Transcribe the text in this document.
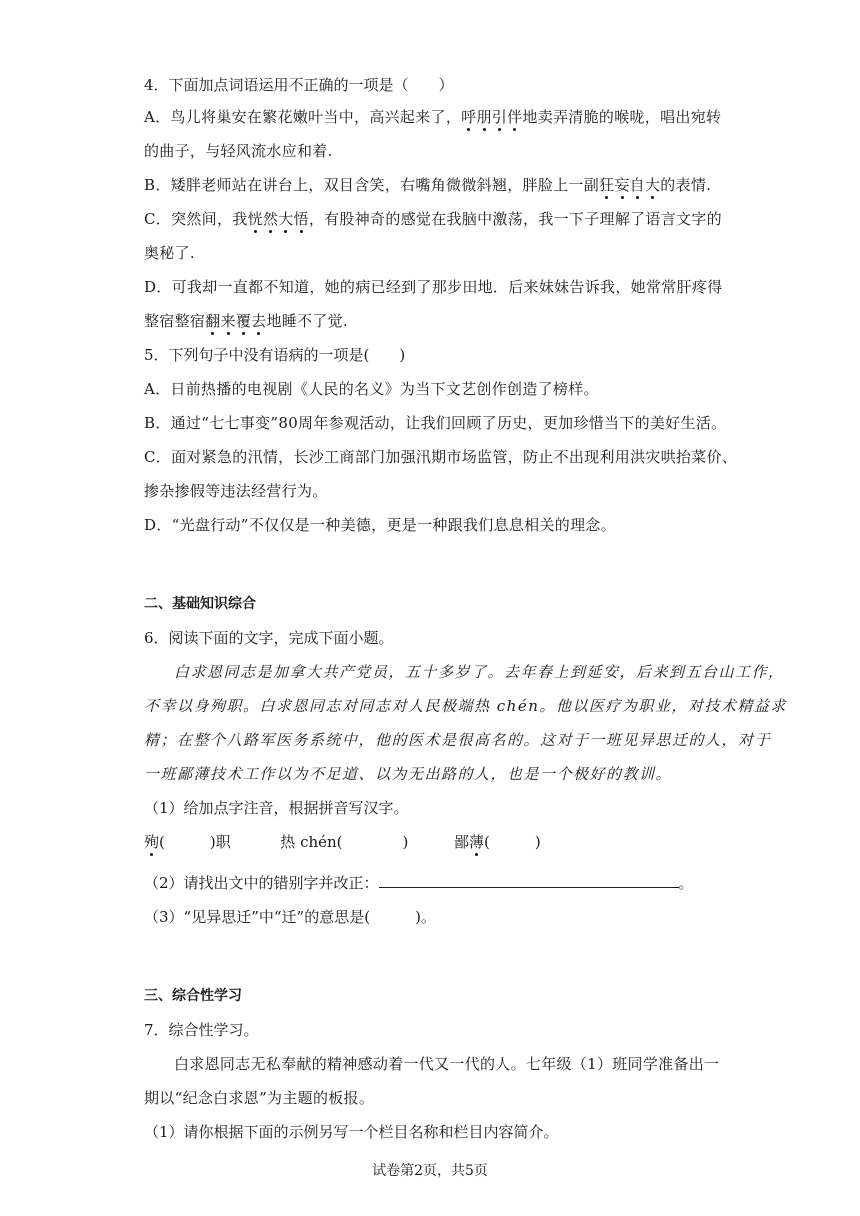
4．下面加点词语运用不正确的一项是（　　）
A．鸟儿将巢安在繁花嫩叶当中，高兴起来了，呼朋引伴地卖弄清脆的喉咙，唱出宛转
的曲子，与轻风流水应和着.
B．矮胖老师站在讲台上，双目含笑，右嘴角微微斜翘，胖脸上一副狂妄自大的表情.
C．突然间，我恍然大悟，有股神奇的感觉在我脑中激荡，我一下子理解了语言文字的
奥秘了.
D．可我却一直都不知道，她的病已经到了那步田地．后来妹妹告诉我，她常常肝疼得
整宿整宿翻来覆去地睡不了觉.
5．下列句子中没有语病的一项是(　　)
A．日前热播的电视剧《人民的名义》为当下文艺创作创造了榜样。
B．通过“七七事变”80周年参观活动，让我们回顾了历史，更加珍惜当下的美好生活。
C．面对紧急的汛情，长沙工商部门加强汛期市场监管，防止不出现利用洪灾哄抬菜价、
掺杂掺假等违法经营行为。
D．“光盘行动”不仅仅是一种美德，更是一种跟我们息息相关的理念。
二、基础知识综合
6．阅读下面的文字，完成下面小题。
白求恩同志是加拿大共产党员，五十多岁了。去年春上到延安，后来到五台山工作，
不幸以身殉职。白求恩同志对同志对人民极端热 chén。他以医疗为职业，对技术精益求
精；在整个八路军医务系统中，他的医术是很高名的。这对于一班见异思迁的人，对于
一班鄙薄技术工作以为不足道、以为无出路的人，也是一个极好的教训。
（1）给加点字注音，根据拼音写汉字。
殉(　　　)职	热 chén(　　　　)	鄙薄(　　　)
（2）请找出文中的错别字并改正：	。
（3）“见异思迁”中“迁”的意思是(　　　)。
三、综合性学习
7．综合性学习。
白求恩同志无私奉献的精神感动着一代又一代的人。七年级（1）班同学准备出一
期以“纪念白求恩”为主题的板报。
（1）请你根据下面的示例另写一个栏目名称和栏目内容简介。
试卷第2页，共5页
